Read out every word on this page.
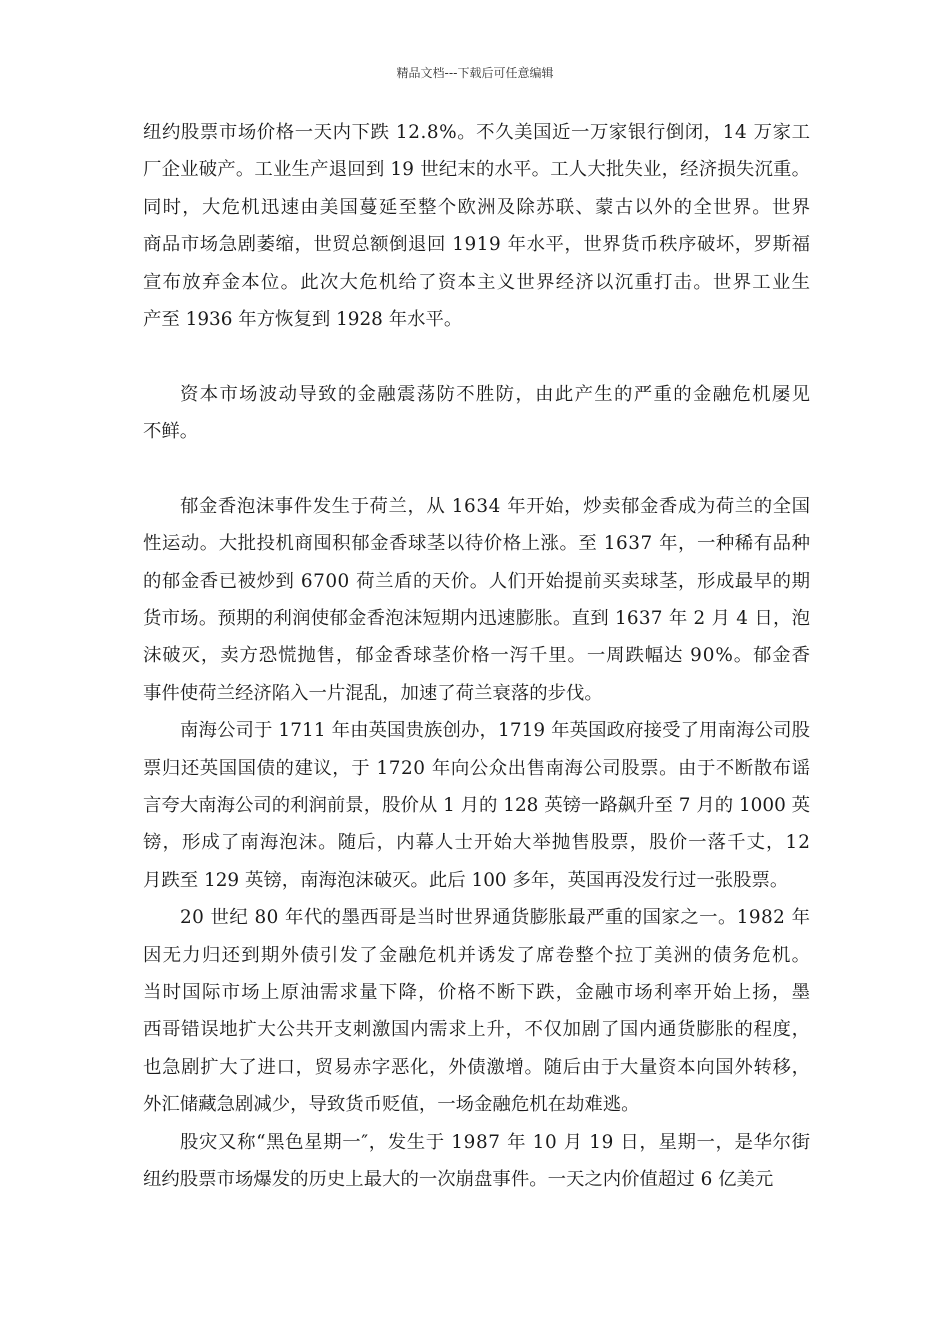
精品文档---下载后可任意编辑
纽约股票市场价格一天内下跌 12.8%。不久美国近一万家银行倒闭，14 万家工
厂企业破产。工业生产退回到 19 世纪末的水平。工人大批失业，经济损失沉重。
同时，大危机迅速由美国蔓延至整个欧洲及除苏联、蒙古以外的全世界。世界
商品市场急剧萎缩，世贸总额倒退回 1919 年水平，世界货币秩序破坏，罗斯福
宣布放弃金本位。此次大危机给了资本主义世界经济以沉重打击。世界工业生
产至 1936 年方恢复到 1928 年水平。
资本市场波动导致的金融震荡防不胜防，由此产生的严重的金融危机屡见
不鲜。
郁金香泡沫事件发生于荷兰，从 1634 年开始，炒卖郁金香成为荷兰的全国
性运动。大批投机商囤积郁金香球茎以待价格上涨。至 1637 年，一种稀有品种
的郁金香已被炒到 6700 荷兰盾的天价。人们开始提前买卖球茎，形成最早的期
货市场。预期的利润使郁金香泡沫短期内迅速膨胀。直到 1637 年 2 月 4 日，泡
沫破灭，卖方恐慌抛售，郁金香球茎价格一泻千里。一周跌幅达 90%。郁金香
事件使荷兰经济陷入一片混乱，加速了荷兰衰落的步伐。
南海公司于 1711 年由英国贵族创办，1719 年英国政府接受了用南海公司股
票归还英国国债的建议，于 1720 年向公众出售南海公司股票。由于不断散布谣
言夸大南海公司的利润前景，股价从 1 月的 128 英镑一路飙升至 7 月的 1000 英
镑，形成了南海泡沫。随后，内幕人士开始大举抛售股票，股价一落千丈，12
月跌至 129 英镑，南海泡沫破灭。此后 100 多年，英国再没发行过一张股票。
20 世纪 80 年代的墨西哥是当时世界通货膨胀最严重的国家之一。1982 年
因无力归还到期外债引发了金融危机并诱发了席卷整个拉丁美洲的债务危机。
当时国际市场上原油需求量下降，价格不断下跌，金融市场利率开始上扬，墨
西哥错误地扩大公共开支刺激国内需求上升，不仅加剧了国内通货膨胀的程度，
也急剧扩大了进口，贸易赤字恶化，外债激增。随后由于大量资本向国外转移，
外汇储藏急剧减少，导致货币贬值，一场金融危机在劫难逃。
股灾又称“黑色星期一″，发生于 1987 年 10 月 19 日，星期一，是华尔街
纽约股票市场爆发的历史上最大的一次崩盘事件。一天之内价值超过 6 亿美元
